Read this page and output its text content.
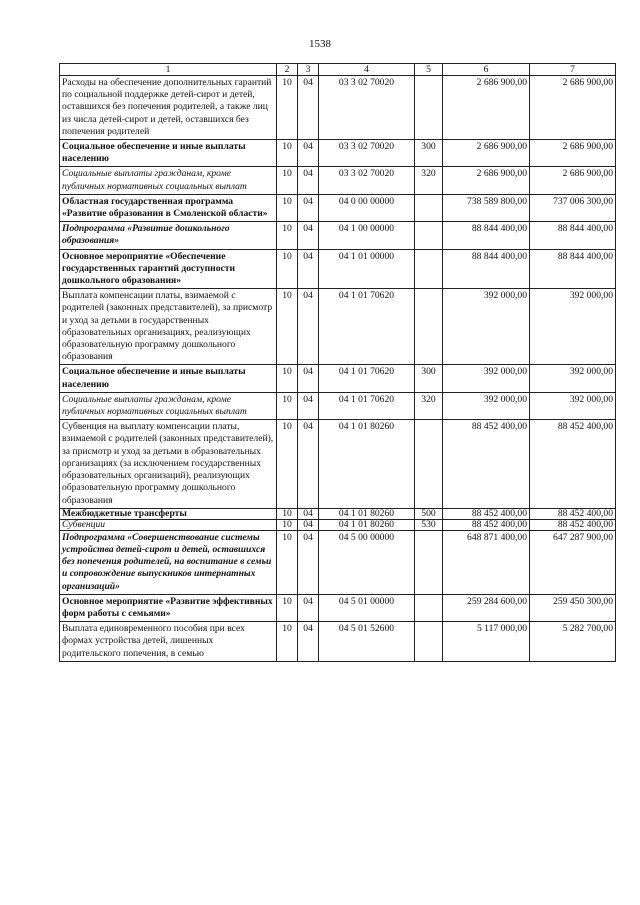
1538
1	2	3	4	5	6	7
Расходы на обеспечение дополнительных гарантий по социальной поддержке детей-сирот и детей, оставшихся без попечения родителей, а также лиц из числа детей-сирот и детей, оставшихся без попечения родителей	10	04	03 3 02 70020		2 686 900,00	2 686 900,00
Социальное обеспечение и иные выплаты населению	10	04	03 3 02 70020	300	2 686 900,00	2 686 900,00
Социальные выплаты гражданам, кроме публичных нормативных социальных выплат	10	04	03 3 02 70020	320	2 686 900,00	2 686 900,00
Областная государственная программа «Развитие образования в Смоленской области»	10	04	04 0 00 00000		738 589 800,00	737 006 300,00
Подпрограмма «Развитие дошкольного образования»	10	04	04 1 00 00000		88 844 400,00	88 844 400,00
Основное мероприятие «Обеспечение государственных гарантий доступности дошкольного образования»	10	04	04 1 01 00000		88 844 400,00	88 844 400,00
Выплата компенсации платы, взимаемой с родителей (законных представителей), за присмотр и уход за детьми в государственных образовательных организациях, реализующих образовательную программу дошкольного образования	10	04	04 1 01 70620		392 000,00	392 000,00
Социальное обеспечение и иные выплаты населению	10	04	04 1 01 70620	300	392 000,00	392 000,00
Социальные выплаты гражданам, кроме публичных нормативных социальных выплат	10	04	04 1 01 70620	320	392 000,00	392 000,00
Субвенция на выплату компенсации платы, взимаемой с родителей (законных представителей), за присмотр и уход за детьми в образовательных организациях (за исключением государственных образовательных организаций), реализующих образовательную программу дошкольного образования	10	04	04 1 01 80260		88 452 400,00	88 452 400,00
Межбюджетные трансферты	10	04	04 1 01 80260	500	88 452 400,00	88 452 400,00
Субвенции	10	04	04 1 01 80260	530	88 452 400,00	88 452 400,00
Подпрограмма «Совершенствование системы устройства детей-сирот и детей, оставшихся без попечения родителей, на воспитание в семьи и сопровождение выпускников интернатных организаций»	10	04	04 5 00 00000		648 871 400,00	647 287 900,00
Основное мероприятие «Развитие эффективных форм работы с семьями»	10	04	04 5 01 00000		259 284 600,00	259 450 300,00
Выплата единовременного пособия при всех формах устройства детей, лишенных родительского попечения, в семью	10	04	04 5 01 52600		5 117 000,00	5 282 700,00
